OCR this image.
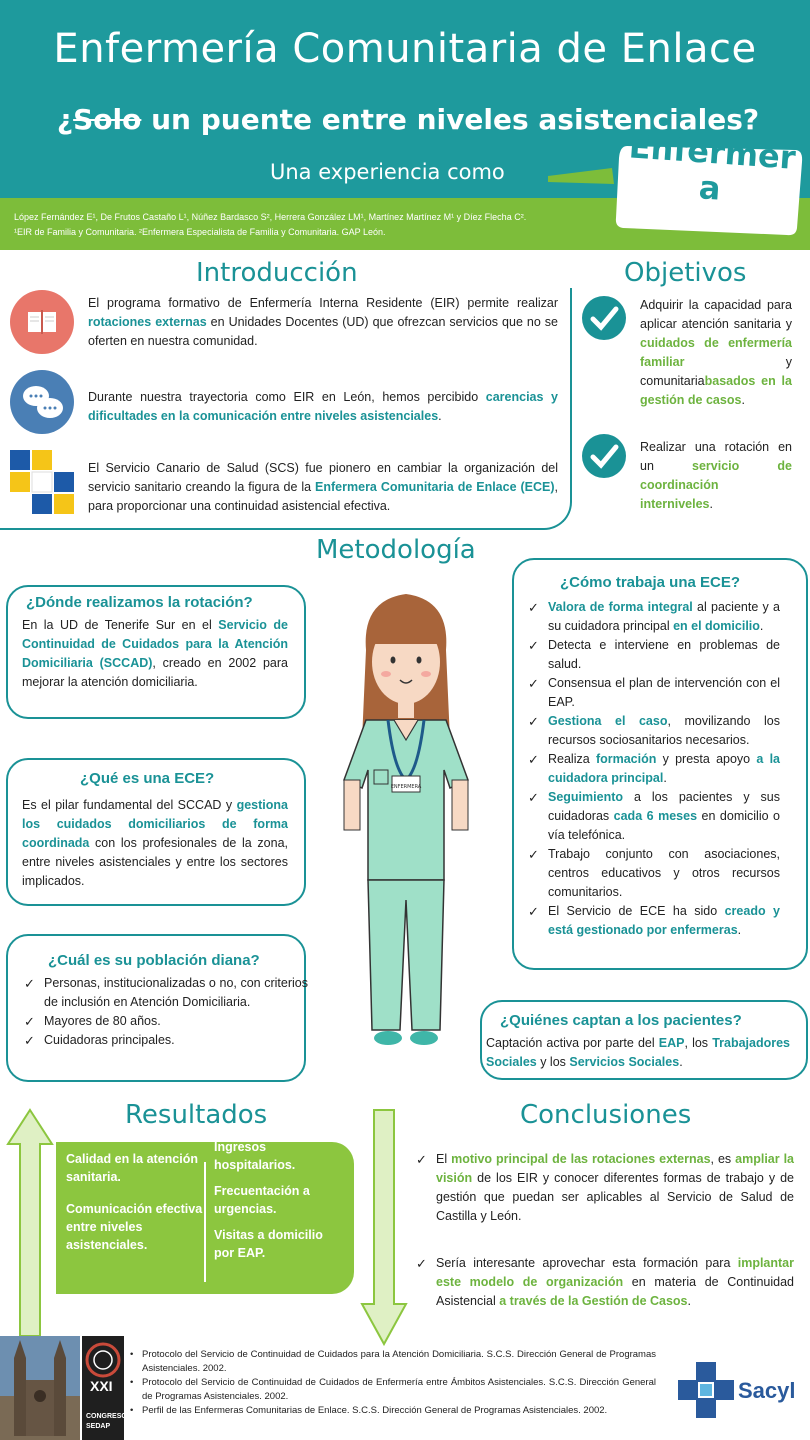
Enfermería Comunitaria de Enlace
¿Solo un puente entre niveles asistenciales?
Una experiencia como	Enfermer
a
López Fernández E¹, De Frutos Castaño L¹, Núñez Bardasco S², Herrera González LM¹, Martínez Martínez M¹ y Díez Flecha C².
¹EIR de Familia y Comunitaria. ²Enfermera Especialista de Familia y Comunitaria. GAP León.
Introducción
El programa formativo de Enfermería Interna Residente (EIR) permite realizar rotaciones externas en Unidades Docentes (UD) que ofrezcan servicios que no se oferten en nuestra comunidad.
Durante nuestra trayectoria como EIR en León, hemos percibido carencias y dificultades en la comunicación entre niveles asistenciales.
El Servicio Canario de Salud (SCS) fue pionero en cambiar la organización del servicio sanitario creando la figura de la Enfermera Comunitaria de Enlace (ECE), para proporcionar una continuidad asistencial efectiva.
Objetivos
Adquirir la capacidad para aplicar atención sanitaria y cuidados de enfermería familiar y comunitariabasados en la gestión de casos.
Realizar una rotación en un servicio de coordinación interniveles.
Metodología
¿Dónde realizamos la rotación?
En la UD de Tenerife Sur en el Servicio de Continuidad de Cuidados para la Atención Domiciliaria (SCCAD), creado en 2002 para mejorar la atención domiciliaria.
¿Qué es una ECE?
Es el pilar fundamental del SCCAD y gestiona los cuidados domiciliarios de forma coordinada con los profesionales de la zona, entre niveles asistenciales y entre los sectores implicados.
¿Cuál es su población diana?
✓ Personas, institucionalizadas o no, con criterios de inclusión en Atención Domiciliaria.
✓ Mayores de 80 años.
✓ Cuidadoras principales.
ENFERMERA
¿Cómo trabaja una ECE?
✓ Valora de forma integral al paciente y a su cuidadora principal en el domicilio.
✓ Detecta e interviene en problemas de salud.
✓ Consensua el plan de intervención con el EAP.
✓ Gestiona el caso, movilizando los recursos sociosanitarios necesarios.
✓ Realiza formación y presta apoyo a la cuidadora principal.
✓ Seguimiento a los pacientes y sus cuidadoras cada 6 meses en domicilio o vía telefónica.
✓ Trabajo conjunto con asociaciones, centros educativos y otros recursos comunitarios.
✓ El Servicio de ECE ha sido creado y está gestionado por enfermeras.
¿Quiénes captan a los pacientes?
Captación activa por parte del EAP, los Trabajadores Sociales y los Servicios Sociales.
Resultados
Calidad en la atención sanitaria.
Comunicación efectiva entre niveles asistenciales.
Ingresos hospitalarios.
Frecuentación a urgencias.
Visitas a domicilio por EAP.
Conclusiones
✓ El motivo principal de las rotaciones externas, es ampliar la visión de los EIR y conocer diferentes formas de trabajo y de gestión que puedan ser aplicables al Servicio de Salud de Castilla y León.
✓ Sería interesante aprovechar esta formación para implantar este modelo de organización en materia de Continuidad Asistencial a través de la Gestión de Casos.
• Protocolo del Servicio de Continuidad de Cuidados para la Atención Domiciliaria. S.C.S. Dirección General de Programas Asistenciales. 2002.
• Protocolo del Servicio de Continuidad de Cuidados de Enfermería entre Ámbitos Asistenciales. S.C.S. Dirección General de Programas Asistenciales. 2002.
• Perfil de las Enfermeras Comunitarias de Enlace. S.C.S. Dirección General de Programas Asistenciales. 2002.
XXI
CONGRESO SEDAP
Sacyl
